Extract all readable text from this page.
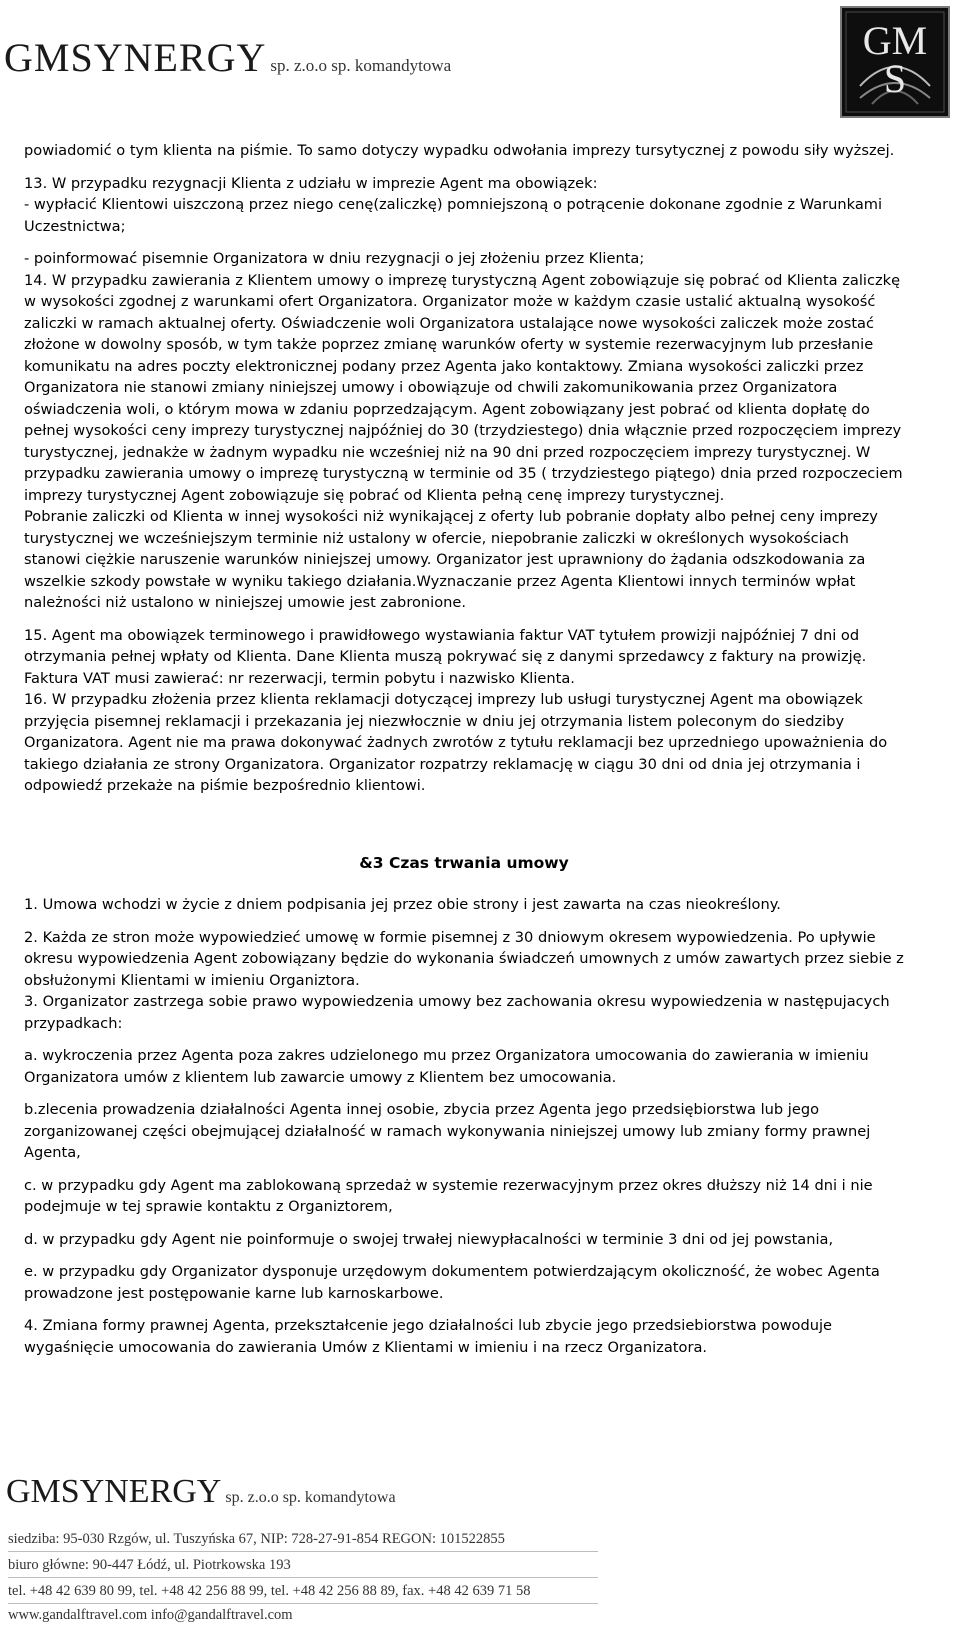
GMSYNERGY sp. z.o.o sp. komandytowa
GM
S

powiadomić o tym klienta na piśmie. To samo dotyczy wypadku odwołania imprezy tursytycznej z powodu siły wyższej.

13. W przypadku rezygnacji Klienta z udziału w imprezie Agent ma obowiązek:
- wypłacić Klientowi uiszczoną przez niego cenę(zaliczkę) pomniejszoną o potrącenie dokonane zgodnie z Warunkami Uczestnictwa;

- poinformować pisemnie Organizatora w dniu rezygnacji o jej złożeniu przez Klienta;
14. W przypadku zawierania z Klientem umowy o imprezę turystyczną Agent zobowiązuje się pobrać od Klienta zaliczkę w wysokości zgodnej z warunkami ofert Organizatora. Organizator może w każdym czasie ustalić aktualną wysokość zaliczki w ramach aktualnej oferty. Oświadczenie woli Organizatora ustalające nowe wysokości zaliczek może zostać złożone w dowolny sposób, w tym także poprzez zmianę warunków oferty w systemie rezerwacyjnym lub przesłanie komunikatu na adres poczty elektronicznej podany przez Agenta jako kontaktowy. Zmiana wysokości zaliczki przez Organizatora nie stanowi zmiany niniejszej umowy i obowiązuje od chwili zakomunikowania przez Organizatora oświadczenia woli, o którym mowa w zdaniu poprzedzającym. Agent zobowiązany jest pobrać od klienta dopłatę do pełnej wysokości ceny imprezy turystycznej najpóźniej do 30 (trzydziestego) dnia włącznie przed rozpoczęciem imprezy turystycznej, jednakże w żadnym wypadku nie wcześniej niż na 90 dni przed rozpoczęciem imprezy turystycznej. W przypadku zawierania umowy o imprezę turystyczną w terminie od 35 ( trzydziestego piątego) dnia przed rozpoczeciem imprezy turystycznej Agent zobowiązuje się pobrać od Klienta pełną cenę imprezy turystycznej.
Pobranie zaliczki od Klienta w innej wysokości niż wynikającej z oferty lub pobranie dopłaty albo pełnej ceny imprezy turystycznej we wcześniejszym terminie niż ustalony w ofercie, niepobranie zaliczki w określonych wysokościach stanowi ciężkie naruszenie warunków niniejszej umowy. Organizator jest uprawniony do żądania odszkodowania za wszelkie szkody powstałe w wyniku takiego działania.Wyznaczanie przez Agenta Klientowi innych terminów wpłat należności niż ustalono w niniejszej umowie jest zabronione.

15. Agent ma obowiązek terminowego i prawidłowego wystawiania faktur VAT tytułem prowizji najpóźniej 7 dni od otrzymania pełnej wpłaty od Klienta. Dane Klienta muszą pokrywać się z danymi sprzedawcy z faktury na prowizję. Faktura VAT musi zawierać: nr rezerwacji, termin pobytu i nazwisko Klienta.
16. W przypadku złożenia przez klienta reklamacji dotyczącej imprezy lub usługi turystycznej Agent ma obowiązek przyjęcia pisemnej reklamacji i przekazania jej niezwłocznie w dniu jej otrzymania listem poleconym do siedziby Organizatora. Agent nie ma prawa dokonywać żadnych zwrotów z tytułu reklamacji bez uprzedniego upoważnienia do takiego działania ze strony Organizatora. Organizator rozpatrzy reklamację w ciągu 30 dni od dnia jej otrzymania i odpowiedź przekaże na piśmie bezpośrednio klientowi.

&3 Czas trwania umowy

1. Umowa wchodzi w życie z dniem podpisania jej przez obie strony i jest zawarta na czas nieokreślony.

2. Każda ze stron może wypowiedzieć umowę w formie pisemnej z 30 dniowym okresem wypowiedzenia. Po upływie okresu wypowiedzenia Agent zobowiązany będzie do wykonania świadczeń umownych z umów zawartych przez siebie z obsłużonymi Klientami w imieniu Organiztora.
3. Organizator zastrzega sobie prawo wypowiedzenia umowy bez zachowania okresu wypowiedzenia w następujacych przypadkach:

a. wykroczenia przez Agenta poza zakres udzielonego mu przez Organizatora umocowania do zawierania w imieniu Organizatora umów z klientem lub zawarcie umowy z Klientem bez umocowania.

b.zlecenia prowadzenia działalności Agenta innej osobie, zbycia przez Agenta jego przedsiębiorstwa lub jego zorganizowanej części obejmującej działalność w ramach wykonywania niniejszej umowy lub zmiany formy prawnej Agenta,

c. w przypadku gdy Agent ma zablokowaną sprzedaż w systemie rezerwacyjnym przez okres dłuższy niż 14 dni i nie podejmuje w tej sprawie kontaktu z Organiztorem,

d. w przypadku gdy Agent nie poinformuje o swojej trwałej niewypłacalności w terminie 3 dni od jej powstania,

e. w przypadku gdy Organizator dysponuje urzędowym dokumentem potwierdzającym okoliczność, że wobec Agenta prowadzone jest postępowanie karne lub karnoskarbowe.

4. Zmiana formy prawnej Agenta, przekształcenie jego działalności lub zbycie jego przedsiebiorstwa powoduje wygaśnięcie umocowania do zawierania Umów z Klientami w imieniu i na rzecz Organizatora.

GMSYNERGY sp. z.o.o sp. komandytowa
siedziba: 95-030 Rzgów, ul. Tuszyńska 67, NIP: 728-27-91-854 REGON: 101522855
biuro główne: 90-447 Łódź, ul. Piotrkowska 193
tel. +48 42 639 80 99, tel. +48 42 256 88 99, tel. +48 42 256 88 89, fax. +48 42 639 71 58
www.gandalftravel.com info@gandalftravel.com
